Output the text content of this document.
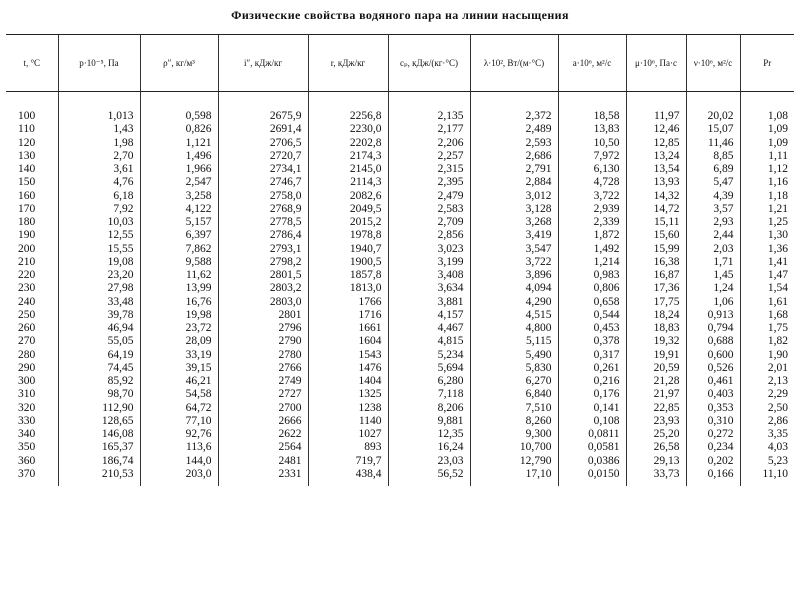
Физические свойства водяного пара на линии насыщения
t, °C	p·10⁻⁵, Па	ρ″, кг/м³	i″, кДж/кг	r, кДж/кг	cₚ, кДж/(кг·°C)	λ·10², Вт/(м·°C)	a·10⁶, м²/с	μ·10⁶, Па·с	ν·10⁶, м²/с	Pr

100	1,013	0,598	2675,9	2256,8	2,135	2,372	18,58	11,97	20,02	1,08
110	1,43	0,826	2691,4	2230,0	2,177	2,489	13,83	12,46	15,07	1,09
120	1,98	1,121	2706,5	2202,8	2,206	2,593	10,50	12,85	11,46	1,09
130	2,70	1,496	2720,7	2174,3	2,257	2,686	7,972	13,24	8,85	1,11
140	3,61	1,966	2734,1	2145,0	2,315	2,791	6,130	13,54	6,89	1,12
150	4,76	2,547	2746,7	2114,3	2,395	2,884	4,728	13,93	5,47	1,16
160	6,18	3,258	2758,0	2082,6	2,479	3,012	3,722	14,32	4,39	1,18
170	7,92	4,122	2768,9	2049,5	2,583	3,128	2,939	14,72	3,57	1,21
180	10,03	5,157	2778,5	2015,2	2,709	3,268	2,339	15,11	2,93	1,25
190	12,55	6,397	2786,4	1978,8	2,856	3,419	1,872	15,60	2,44	1,30
200	15,55	7,862	2793,1	1940,7	3,023	3,547	1,492	15,99	2,03	1,36
210	19,08	9,588	2798,2	1900,5	3,199	3,722	1,214	16,38	1,71	1,41
220	23,20	11,62	2801,5	1857,8	3,408	3,896	0,983	16,87	1,45	1,47
230	27,98	13,99	2803,2	1813,0	3,634	4,094	0,806	17,36	1,24	1,54
240	33,48	16,76	2803,0	1766	3,881	4,290	0,658	17,75	1,06	1,61
250	39,78	19,98	2801	1716	4,157	4,515	0,544	18,24	0,913	1,68
260	46,94	23,72	2796	1661	4,467	4,800	0,453	18,83	0,794	1,75
270	55,05	28,09	2790	1604	4,815	5,115	0,378	19,32	0,688	1,82
280	64,19	33,19	2780	1543	5,234	5,490	0,317	19,91	0,600	1,90
290	74,45	39,15	2766	1476	5,694	5,830	0,261	20,59	0,526	2,01
300	85,92	46,21	2749	1404	6,280	6,270	0,216	21,28	0,461	2,13
310	98,70	54,58	2727	1325	7,118	6,840	0,176	21,97	0,403	2,29
320	112,90	64,72	2700	1238	8,206	7,510	0,141	22,85	0,353	2,50
330	128,65	77,10	2666	1140	9,881	8,260	0,108	23,93	0,310	2,86
340	146,08	92,76	2622	1027	12,35	9,300	0,0811	25,20	0,272	3,35
350	165,37	113,6	2564	893	16,24	10,700	0,0581	26,58	0,234	4,03
360	186,74	144,0	2481	719,7	23,03	12,790	0,0386	29,13	0,202	5,23
370	210,53	203,0	2331	438,4	56,52	17,10	0,0150	33,73	0,166	11,10
